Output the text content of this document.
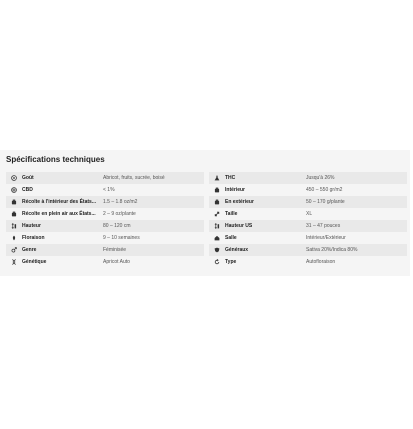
Spécifications techniques
Goût	Abricot, fruits, sucrée, boisé
CBD	< 1%
Récolte à l'intérieur des États...	1.5 – 1.8 oz/m2
Récolte en plein air aux États...	2 – 9 oz/plante
Hauteur	80 – 120 cm
Floraison	9 – 10 semaines
Genre	Féminisée
Génétique	Apricot Auto
THC	Jusqu'à 26%
Intérieur	450 – 550 gr/m2
En extérieur	50 – 170 g/plante
Taille	XL
Hauteur US	31 – 47 pouces
Salle	Intérieur/Extérieur
Généraux	Sativa 20%/Indica 80%
Type	Autofloraison
